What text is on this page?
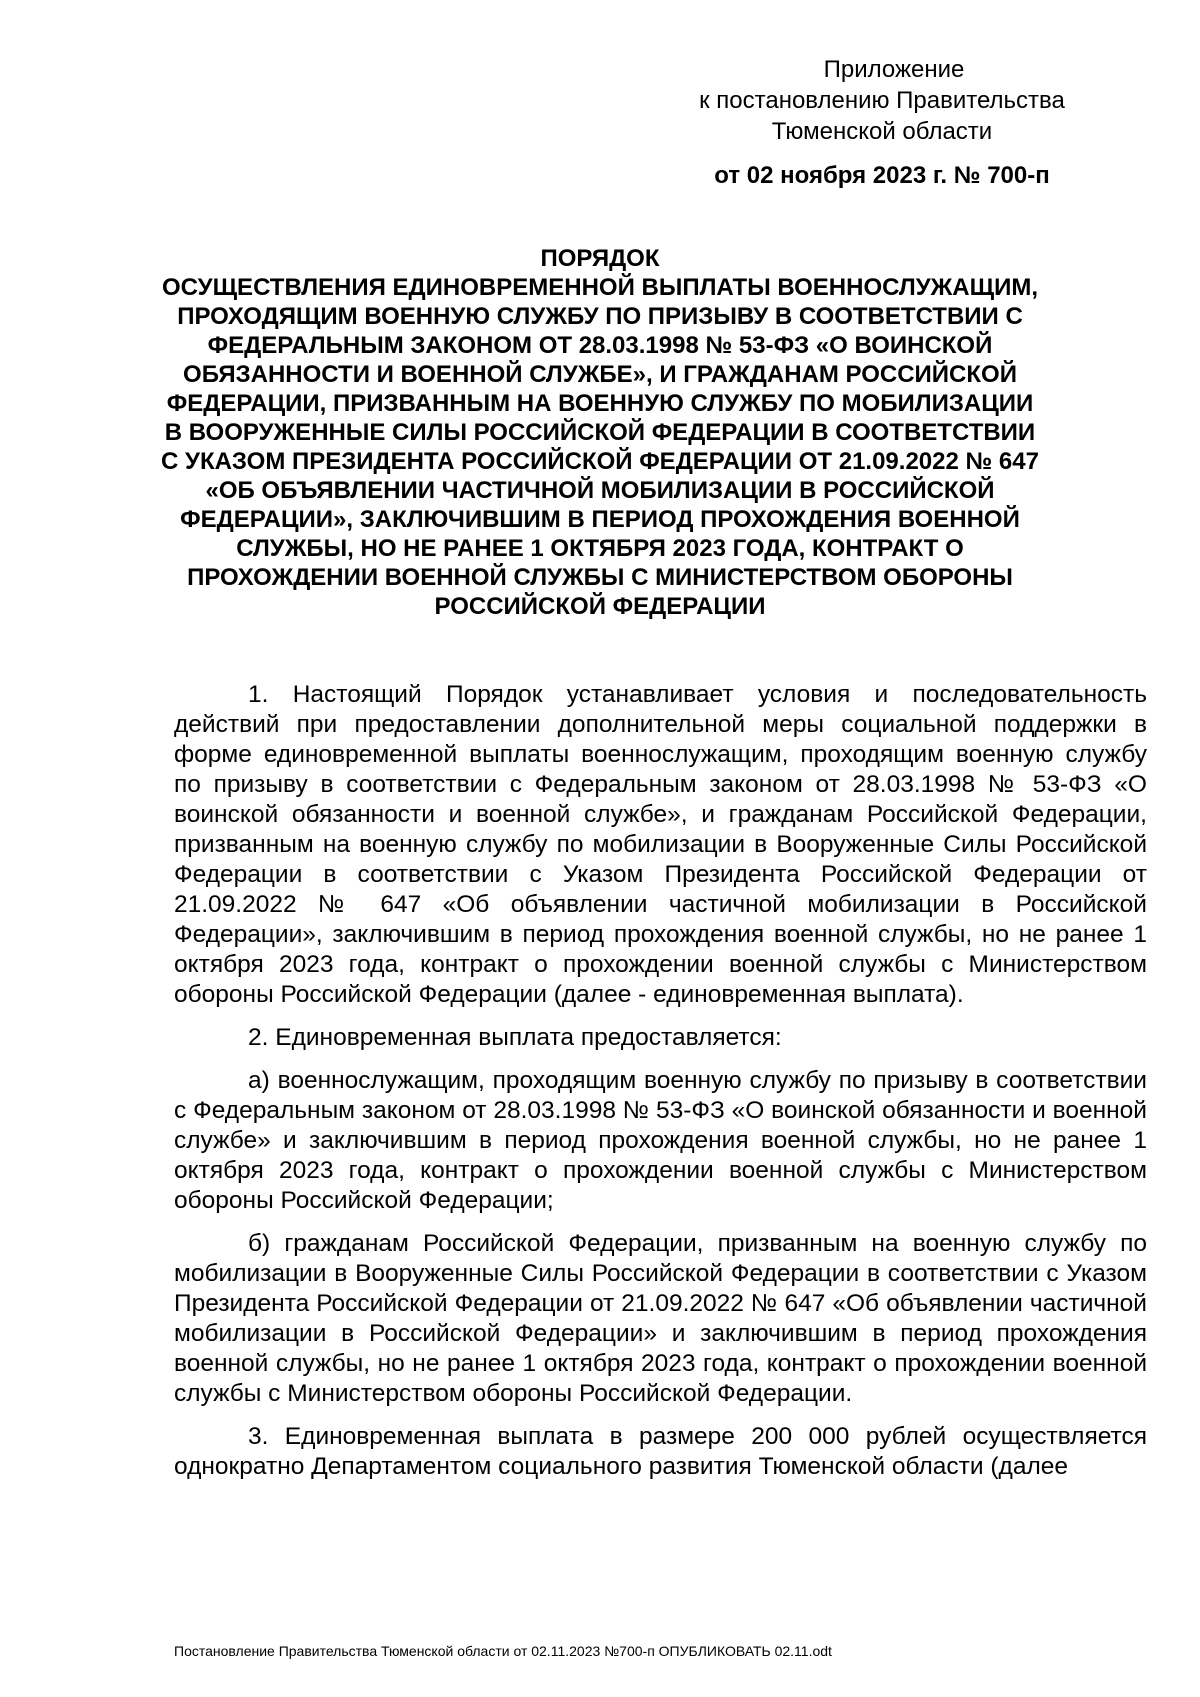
Приложение
к постановлению Правительства
Тюменской области
от 02 ноября 2023 г. № 700-п
ПОРЯДОК
ОСУЩЕСТВЛЕНИЯ ЕДИНОВРЕМЕННОЙ ВЫПЛАТЫ ВОЕННОСЛУЖАЩИМ,
ПРОХОДЯЩИМ ВОЕННУЮ СЛУЖБУ ПО ПРИЗЫВУ В СООТВЕТСТВИИ С
ФЕДЕРАЛЬНЫМ ЗАКОНОМ ОТ 28.03.1998 № 53-ФЗ «О ВОИНСКОЙ
ОБЯЗАННОСТИ И ВОЕННОЙ СЛУЖБЕ», И ГРАЖДАНАМ РОССИЙСКОЙ
ФЕДЕРАЦИИ, ПРИЗВАННЫМ НА ВОЕННУЮ СЛУЖБУ ПО МОБИЛИЗАЦИИ
В ВООРУЖЕННЫЕ СИЛЫ РОССИЙСКОЙ ФЕДЕРАЦИИ В СООТВЕТСТВИИ
С УКАЗОМ ПРЕЗИДЕНТА РОССИЙСКОЙ ФЕДЕРАЦИИ ОТ 21.09.2022 № 647
«ОБ ОБЪЯВЛЕНИИ ЧАСТИЧНОЙ МОБИЛИЗАЦИИ В РОССИЙСКОЙ
ФЕДЕРАЦИИ», ЗАКЛЮЧИВШИМ В ПЕРИОД ПРОХОЖДЕНИЯ ВОЕННОЙ
СЛУЖБЫ, НО НЕ РАНЕЕ 1 ОКТЯБРЯ 2023 ГОДА, КОНТРАКТ О
ПРОХОЖДЕНИИ ВОЕННОЙ СЛУЖБЫ С МИНИСТЕРСТВОМ ОБОРОНЫ
РОССИЙСКОЙ ФЕДЕРАЦИИ

1. Настоящий Порядок устанавливает условия и последовательность действий при предоставлении дополнительной меры социальной поддержки в форме единовременной выплаты военнослужащим, проходящим военную службу по призыву в соответствии с Федеральным законом от 28.03.1998 № 53-ФЗ «О воинской обязанности и военной службе», и гражданам Российской Федерации, призванным на военную службу по мобилизации в Вооруженные Силы Российской Федерации в соответствии с Указом Президента Российской Федерации от 21.09.2022 № 647 «Об объявлении частичной мобилизации в Российской Федерации», заключившим в период прохождения военной службы, но не ранее 1 октября 2023 года, контракт о прохождении военной службы с Министерством обороны Российской Федерации (далее - единовременная выплата).

2. Единовременная выплата предоставляется:

а) военнослужащим, проходящим военную службу по призыву в соответствии с Федеральным законом от 28.03.1998 № 53-ФЗ «О воинской обязанности и военной службе» и заключившим в период прохождения военной службы, но не ранее 1 октября 2023 года, контракт о прохождении военной службы с Министерством обороны Российской Федерации;

б) гражданам Российской Федерации, призванным на военную службу по мобилизации в Вооруженные Силы Российской Федерации в соответствии с Указом Президента Российской Федерации от 21.09.2022 № 647 «Об объявлении частичной мобилизации в Российской Федерации» и заключившим в период прохождения военной службы, но не ранее 1 октября 2023 года, контракт о прохождении военной службы с Министерством обороны Российской Федерации.

3. Единовременная выплата в размере 200 000 рублей осуществляется однократно Департаментом социального развития Тюменской области (далее

Постановление Правительства Тюменской области от 02.11.2023 №700-п ОПУБЛИКОВАТЬ 02.11.odt
